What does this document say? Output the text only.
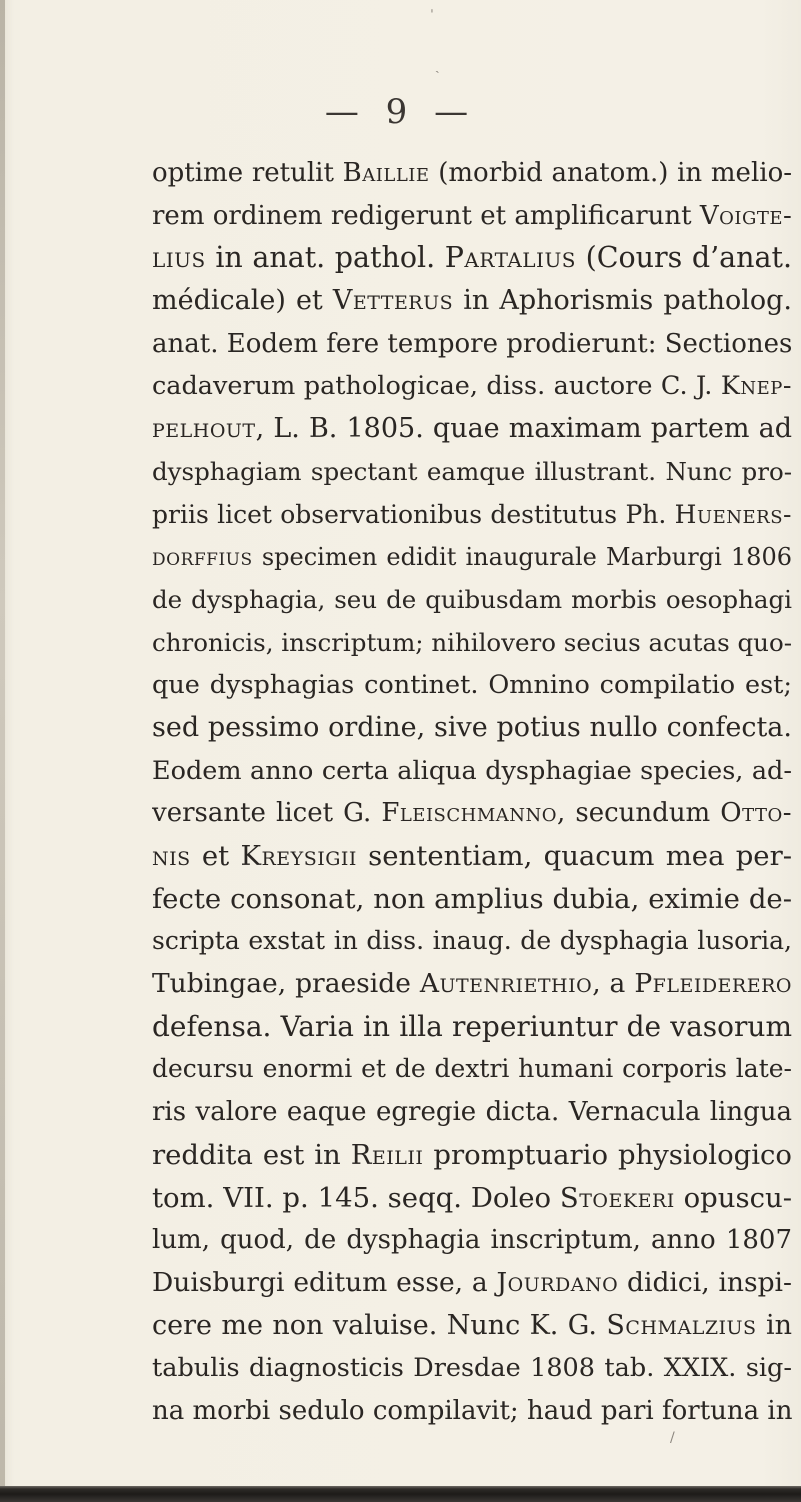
— 9 —
optime retulit Baillie (morbid anatom.) in melio-
rem ordinem redigerunt et amplificarunt Voigte-
lius in anat. pathol. Partalius (Cours d’anat.
médicale) et Vetterus in Aphorismis patholog.
anat. Eodem fere tempore prodierunt: Sectiones
cadaverum pathologicae, diss. auctore C. J. Knep-
pelhout, L. B. 1805. quae maximam partem ad
dysphagiam spectant eamque illustrant. Nunc pro-
priis licet observationibus destitutus Ph. Hueners-
dorffius specimen edidit inaugurale Marburgi 1806
de dysphagia, seu de quibusdam morbis oesophagi
chronicis, inscriptum; nihilovero secius acutas quo-
que dysphagias continet. Omnino compilatio est;
sed pessimo ordine, sive potius nullo confecta.
Eodem anno certa aliqua dysphagiae species, ad-
versante licet G. Fleischmanno, secundum Otto-
nis et Kreysigii sententiam, quacum mea per-
fecte consonat, non amplius dubia, eximie de-
scripta exstat in diss. inaug. de dysphagia lusoria,
Tubingae, praeside Autenriethio, a Pfleiderero
defensa. Varia in illa reperiuntur de vasorum
decursu enormi et de dextri humani corporis late-
ris valore eaque egregie dicta. Vernacula lingua
reddita est in Reilii promptuario physiologico
tom. VII. p. 145. seqq. Doleo Stoekeri opuscu-
lum, quod, de dysphagia inscriptum, anno 1807
Duisburgi editum esse, a Jourdano didici, inspi-
cere me non valuise. Nunc K. G. Schmalzius in
tabulis diagnosticis Dresdae 1808 tab. XXIX. sig-
na morbi sedulo compilavit; haud pari fortuna in
ˈ
ˏ
/
